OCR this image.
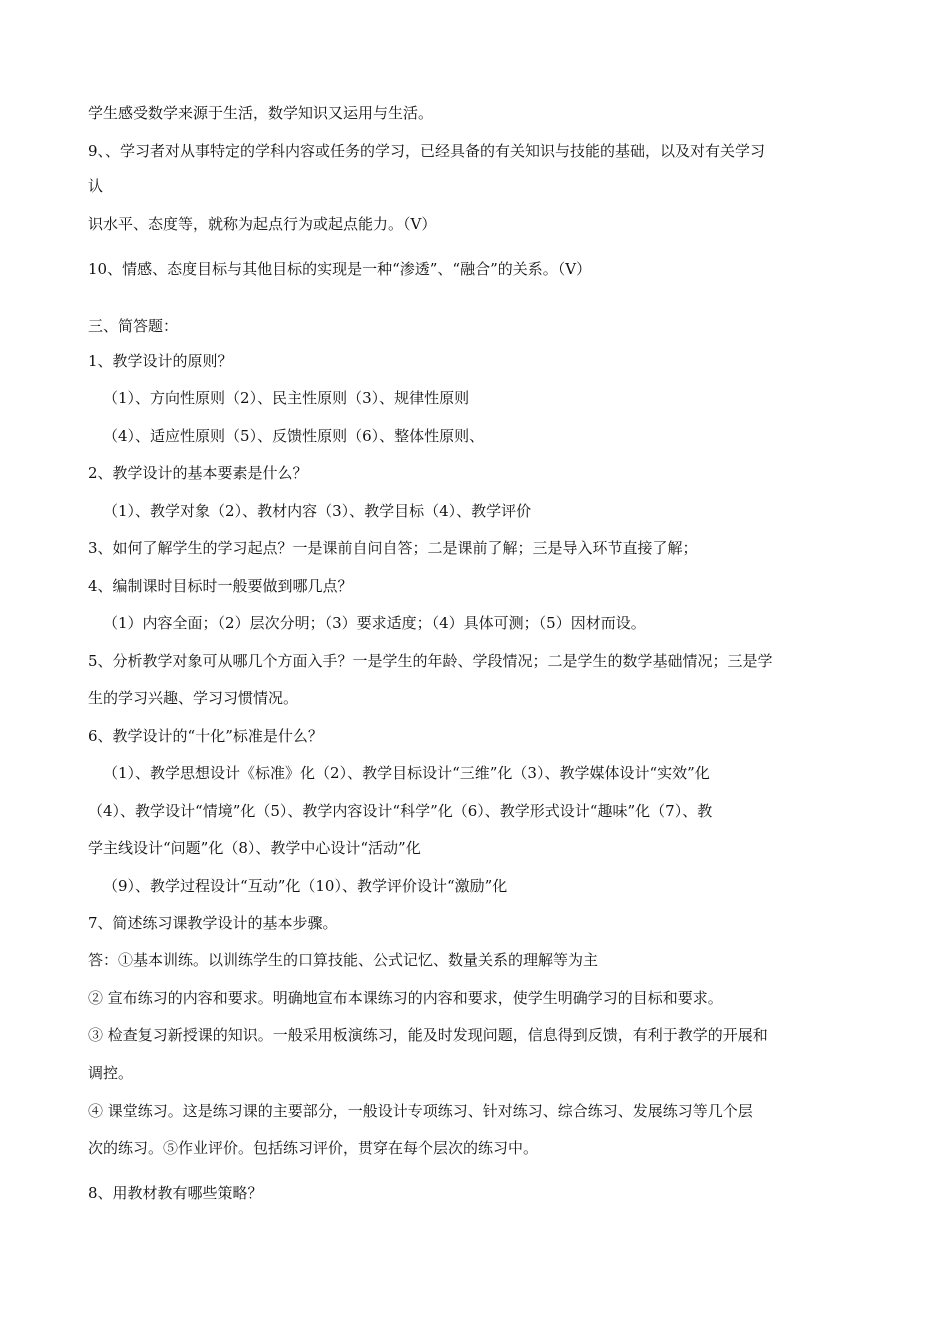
学生感受数学来源于生活，数学知识又运用与生活。
9、、学习者对从事特定的学科内容或任务的学习，已经具备的有关知识与技能的基础，以及对有关学习
认
识水平、态度等，就称为起点行为或起点能力。（V）
10、情感、态度目标与其他目标的实现是一种“渗透”、“融合”的关系。（V）
三、简答题：
1、教学设计的原则？
（1）、方向性原则（2）、民主性原则（3）、规律性原则
（4）、适应性原则（5）、反馈性原则（6）、整体性原则、
2、教学设计的基本要素是什么？
（1）、教学对象（2）、教材内容（3）、教学目标（4）、教学评价
3、如何了解学生的学习起点？一是课前自问自答；二是课前了解；三是导入环节直接了解；
4、编制课时目标时一般要做到哪几点？
（1）内容全面；（2）层次分明；（3）要求适度；（4）具体可测；（5）因材而设。
5、分析教学对象可从哪几个方面入手？一是学生的年龄、学段情况；二是学生的数学基础情况；三是学
生的学习兴趣、学习习惯情况。
6、教学设计的“十化”标准是什么？
（1）、教学思想设计《标准》化（2）、教学目标设计“三维”化（3）、教学媒体设计“实效”化
（4）、教学设计“情境”化（5）、教学内容设计“科学”化（6）、教学形式设计“趣味”化（7）、教
学主线设计“问题”化（8）、教学中心设计“活动”化
（9）、教学过程设计“互动”化（10）、教学评价设计“激励”化
7、简述练习课教学设计的基本步骤。
答：①基本训练。以训练学生的口算技能、公式记忆、数量关系的理解等为主
② 宣布练习的内容和要求。明确地宣布本课练习的内容和要求，使学生明确学习的目标和要求。
③ 检查复习新授课的知识。一般采用板演练习，能及时发现问题，信息得到反馈，有利于教学的开展和
调控。
④ 课堂练习。这是练习课的主要部分，一般设计专项练习、针对练习、综合练习、发展练习等几个层
次的练习。⑤作业评价。包括练习评价，贯穿在每个层次的练习中。
8、用教材教有哪些策略？
